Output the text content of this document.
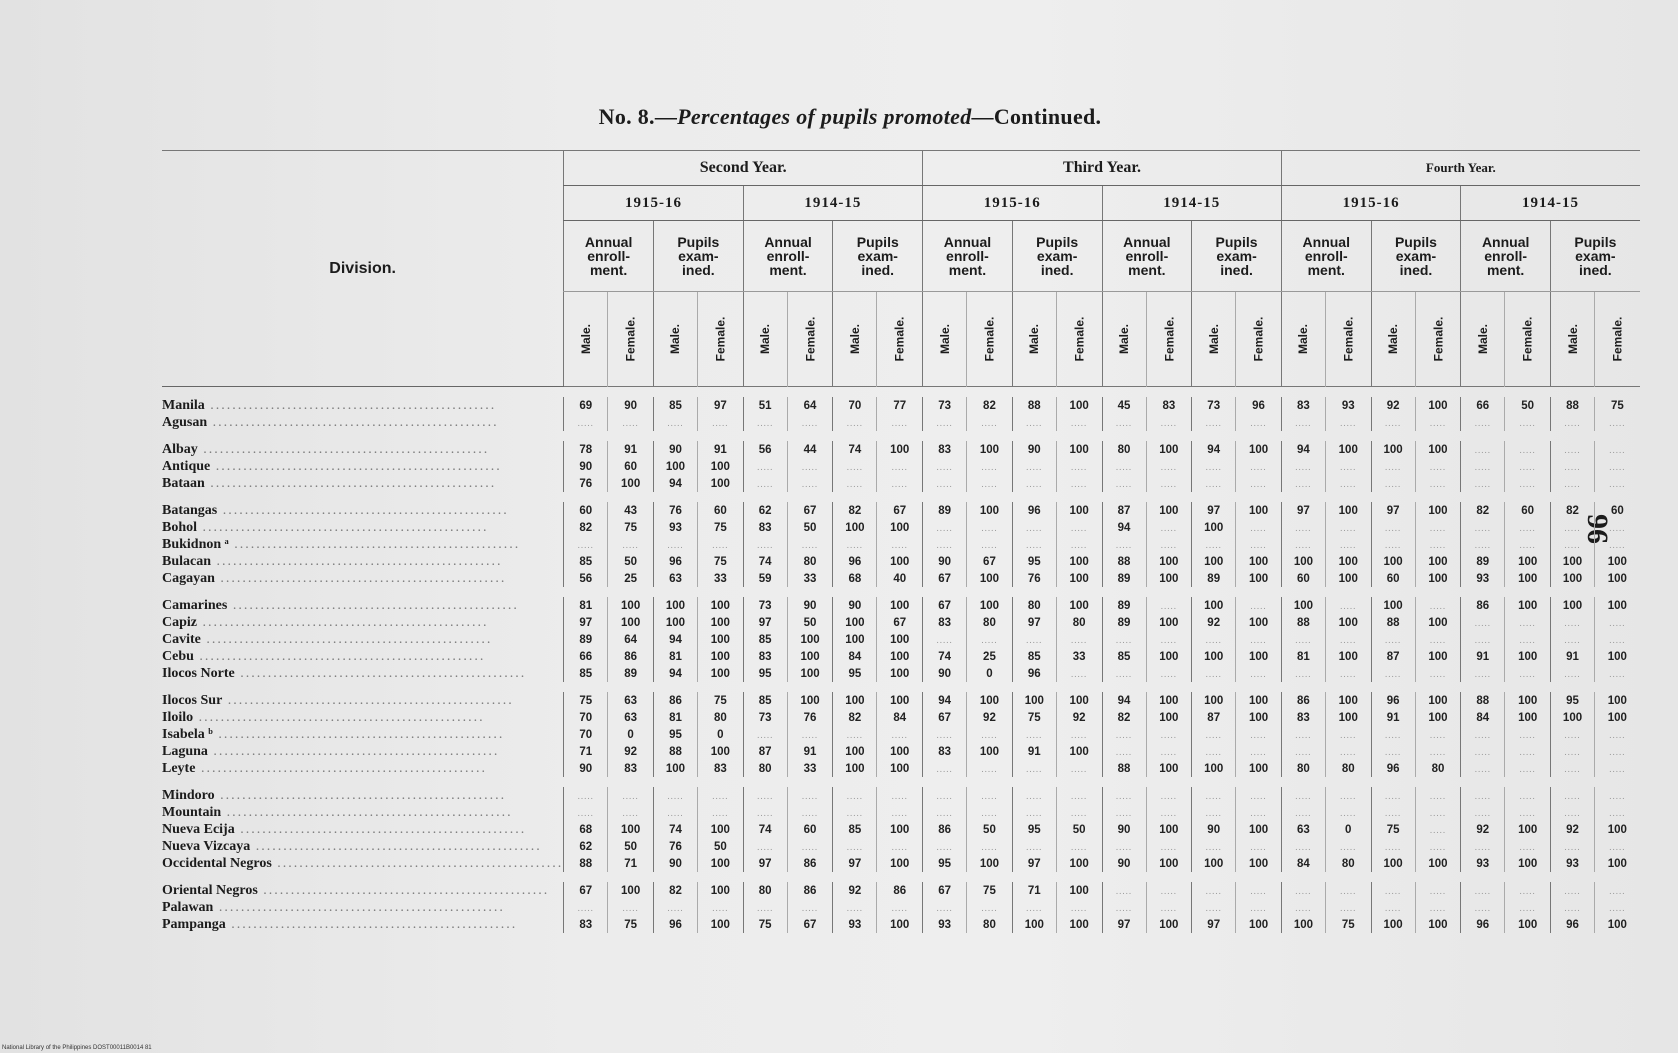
No. 8.—Percentages of pupils promoted—Continued.
96
National Library of the Philippines DOST00011B0014 81
Division.	Second Year.								Third Year.								Fourth Year.							
	1915-16				1914-15				1915-16				1914-15				1915-16				1914-15			
	Annual
enroll-
ment.		Pupils
exam-
ined.		Annual
enroll-
ment.		Pupils
exam-
ined.		Annual
enroll-
ment.		Pupils
exam-
ined.		Annual
enroll-
ment.		Pupils
exam-
ined.		Annual
enroll-
ment.		Pupils
exam-
ined.		Annual
enroll-
ment.		Pupils
exam-
ined.	
	Male.	Female.	Male.	Female.	Male.	Female.	Male.	Female.	Male.	Female.	Male.	Female.	Male.	Female.	Male.	Female.	Male.	Female.	Male.	Female.	Male.	Female.	Male.	Female.

Manila ....................................................	69	90	85	97	51	64	70	77	73	82	88	100	45	83	73	96	83	93	92	100	66	50	88	75
Agusan ....................................................	.....	.....	.....	.....	.....	.....	.....	.....	.....	.....	.....	.....	.....	.....	.....	.....	.....	.....	.....	.....	.....	.....	.....	.....

Albay ....................................................	78	91	90	91	56	44	74	100	83	100	90	100	80	100	94	100	94	100	100	100	.....	.....	.....	.....
Antique ....................................................	90	60	100	100	.....	.....	.....	.....	.....	.....	.....	.....	.....	.....	.....	.....	.....	.....	.....	.....	.....	.....	.....	.....
Bataan ....................................................	76	100	94	100	.....	.....	.....	.....	.....	.....	.....	.....	.....	.....	.....	.....	.....	.....	.....	.....	.....	.....	.....	.....

Batangas ....................................................	60	43	76	60	62	67	82	67	89	100	96	100	87	100	97	100	97	100	97	100	82	60	82	60
Bohol ....................................................	82	75	93	75	83	50	100	100	.....	.....	.....	.....	94	.....	100	.....	.....	.....	.....	.....	.....	.....	.....	.....
Bukidnon ᵃ ....................................................	.....	.....	.....	.....	.....	.....	.....	.....	.....	.....	.....	.....	.....	.....	.....	.....	.....	.....	.....	.....	.....	.....	.....	.....
Bulacan ....................................................	85	50	96	75	74	80	96	100	90	67	95	100	88	100	100	100	100	100	100	100	89	100	100	100
Cagayan ....................................................	56	25	63	33	59	33	68	40	67	100	76	100	89	100	89	100	60	100	60	100	93	100	100	100

Camarines ....................................................	81	100	100	100	73	90	90	100	67	100	80	100	89	.....	100	.....	100	.....	100	.....	86	100	100	100
Capiz ....................................................	97	100	100	100	97	50	100	67	83	80	97	80	89	100	92	100	88	100	88	100	.....	.....	.....	.....
Cavite ....................................................	89	64	94	100	85	100	100	100	.....	.....	.....	.....	.....	.....	.....	.....	.....	.....	.....	.....	.....	.....	.....	.....
Cebu ....................................................	66	86	81	100	83	100	84	100	74	25	85	33	85	100	100	100	81	100	87	100	91	100	91	100
Ilocos Norte ....................................................	85	89	94	100	95	100	95	100	90	0	96	.....	.....	.....	.....	.....	.....	.....	.....	.....	.....	.....	.....	.....

Ilocos Sur ....................................................	75	63	86	75	85	100	100	100	94	100	100	100	94	100	100	100	86	100	96	100	88	100	95	100
Iloilo ....................................................	70	63	81	80	73	76	82	84	67	92	75	92	82	100	87	100	83	100	91	100	84	100	100	100
Isabela ᵇ ....................................................	70	0	95	0	.....	.....	.....	.....	.....	.....	.....	.....	.....	.....	.....	.....	.....	.....	.....	.....	.....	.....	.....	.....
Laguna ....................................................	71	92	88	100	87	91	100	100	83	100	91	100	.....	.....	.....	.....	.....	.....	.....	.....	.....	.....	.....	.....
Leyte ....................................................	90	83	100	83	80	33	100	100	.....	.....	.....	.....	88	100	100	100	80	80	96	80	.....	.....	.....	.....

Mindoro ....................................................	.....	.....	.....	.....	.....	.....	.....	.....	.....	.....	.....	.....	.....	.....	.....	.....	.....	.....	.....	.....	.....	.....	.....	.....
Mountain ....................................................	.....	.....	.....	.....	.....	.....	.....	.....	.....	.....	.....	.....	.....	.....	.....	.....	.....	.....	.....	.....	.....	.....	.....	.....
Nueva Ecija ....................................................	68	100	74	100	74	60	85	100	86	50	95	50	90	100	90	100	63	0	75	.....	92	100	92	100
Nueva Vizcaya ....................................................	62	50	76	50	.....	.....	.....	.....	.....	.....	.....	.....	.....	.....	.....	.....	.....	.....	.....	.....	.....	.....	.....	.....
Occidental Negros ....................................................	88	71	90	100	97	86	97	100	95	100	97	100	90	100	100	100	84	80	100	100	93	100	93	100

Oriental Negros ....................................................	67	100	82	100	80	86	92	86	67	75	71	100	.....	.....	.....	.....	.....	.....	.....	.....	.....	.....	.....	.....
Palawan ....................................................	.....	.....	.....	.....	.....	.....	.....	.....	.....	.....	.....	.....	.....	.....	.....	.....	.....	.....	.....	.....	.....	.....	.....	.....
Pampanga ....................................................	83	75	96	100	75	67	93	100	93	80	100	100	97	100	97	100	100	75	100	100	96	100	96	100
